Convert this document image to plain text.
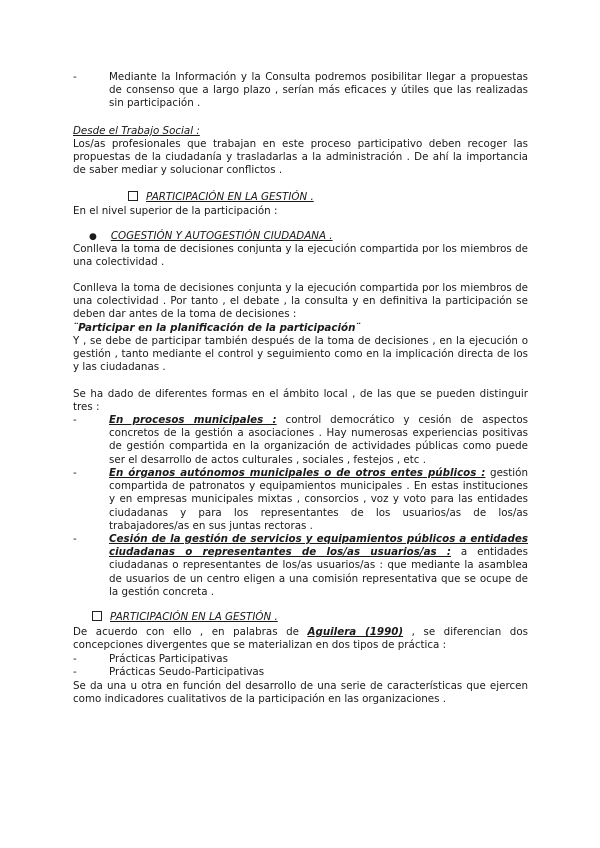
-	Mediante la Información y la Consulta podremos posibilitar llegar a propuestas de consenso que a largo plazo , serían más eficaces y útiles que las realizadas sin participación .
Desde el Trabajo Social :
Los/as profesionales que trabajan en este proceso participativo deben recoger las propuestas de la ciudadanía y trasladarlas a la administración . De ahí la importancia de saber mediar y solucionar conflictos .
PARTICIPACIÓN EN LA GESTIÓN .
En el nivel superior de la participación :
● COGESTIÓN Y AUTOGESTIÓN CIUDADANA .
Conlleva la toma de decisiones conjunta y la ejecución compartida por los miembros de una colectividad .
Conlleva la toma de decisiones conjunta y la ejecución compartida por los miembros de una colectividad . Por tanto , el debate , la consulta y en definitiva la participación se deben dar antes de la toma de decisiones :
¨Participar en la planificación de la participación¨
Y , se debe de participar también después de la toma de decisiones , en la ejecución o gestión , tanto mediante el control y seguimiento como en la implicación directa de los y las ciudadanas .
Se ha dado de diferentes formas en el ámbito local , de las que se pueden distinguir tres :
-	En procesos municipales : control democrático y cesión de aspectos concretos de la gestión a asociaciones . Hay numerosas experiencias positivas de gestión compartida en la organización de actividades públicas como puede ser el desarrollo de actos culturales , sociales , festejos , etc .
-	En órganos autónomos municipales o de otros entes públicos : gestión compartida de patronatos y equipamientos municipales . En estas instituciones y en empresas municipales mixtas , consorcios , voz y voto para las entidades ciudadanas y para los representantes de los usuarios/as de los/as trabajadores/as en sus juntas rectoras .
-	Cesión de la gestión de servicios y equipamientos públicos a entidades ciudadanas o representantes de los/as usuarios/as : a entidades ciudadanas o representantes de los/as usuarios/as : que mediante la asamblea de usuarios de un centro eligen a una comisión representativa que se ocupe de la gestión concreta .
PARTICIPACIÓN EN LA GESTIÓN .
De acuerdo con ello , en palabras de Aguilera (1990) , se diferencian dos concepciones divergentes que se materializan en dos tipos de práctica :
-	Prácticas Participativas
-	Prácticas Seudo-Participativas
Se da una u otra en función del desarrollo de una serie de características que ejercen como indicadores cualitativos de la participación en las organizaciones .
